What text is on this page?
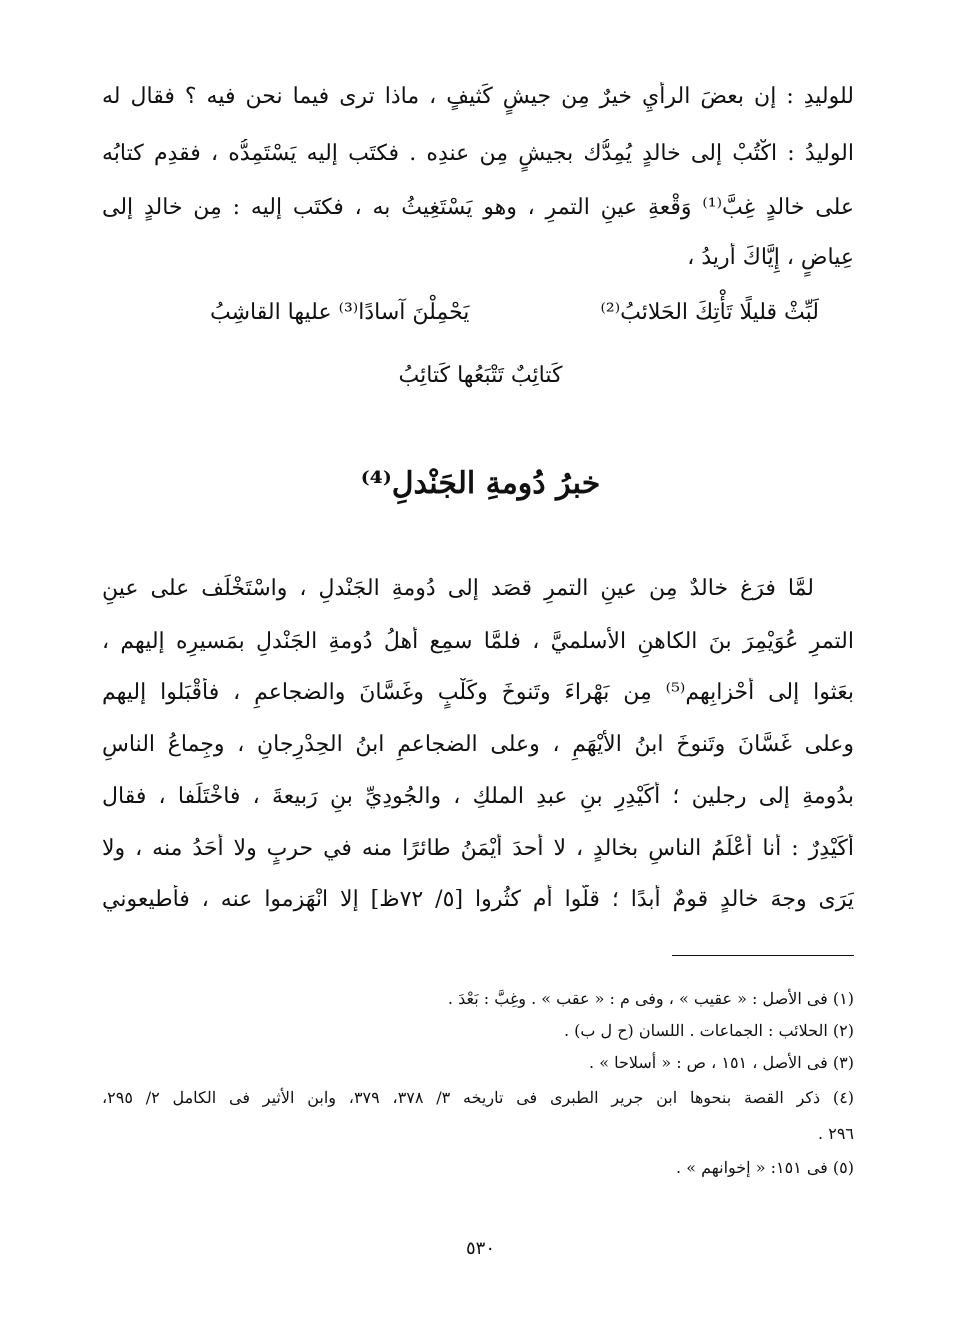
للوليدِ : إن بعضَ الرأْيِ خيرٌ مِن جيشٍ كَثيفٍ ، ماذا ترى فيما نحن فيه ؟ فقال له
الوليدُ : اكْتُبْ إلى خالدٍ يُمِدُّك بجيشٍ مِن عندِه . فكتَب إليه يَسْتَمِدُّه ، فقدِم كتابُه
على خالدٍ غِبَّ⁽¹⁾ وَقْعةِ عينِ التمرِ ، وهو يَسْتَغِيثُ به ، فكتَب إليه : مِن خالدٍ إلى
عِياضٍ ، إِيَّاكَ أُريدُ ،
لَبِّثْ قليلًا تَأْتِكَ الحَلائبُ⁽²⁾
يَحْمِلْنَ آسادًا⁽³⁾ عليها القاشِبُ
كَتائِبٌ تَتْبَعُها كَتائِبُ
خبرُ دُومةِ الجَنْدلِ⁽⁴⁾
لمَّا فرَغ خالدٌ مِن عينِ التمرِ قصَد إلى دُومةِ الجَنْدلِ ، واسْتَخْلَف على عينِ
التمرِ عُوَيْمِرَ بنَ الكاهنِ الأسلميَّ ، فلمَّا سمِع أهلُ دُومةِ الجَنْدلِ بمَسيرِه إليهم ،
بعَثوا إلى أحْزابِهم⁽⁵⁾ مِن بَهْراءَ وتَنوخَ وكَلْبٍ وغَسَّانَ والضجاعمِ ، فأَقْبَلوا إليهم
وعلى غَسَّانَ وتَنوخَ ابنُ الأَيْهَمِ ، وعلى الضجاعمِ ابنُ الحِدْرِجانِ ، وجِماعُ الناسِ
بدُومةِ إلى رجلين ؛ أُكَيْدِرِ بنِ عبدِ الملكِ ، والجُودِيِّ بنِ رَبيعةَ ، فاخْتَلَفا ، فقال
أُكَيْدِرٌ : أنا أَعْلَمُ الناسِ بخالدٍ ، لا أحدَ أَيْمَنُ طائرًا منه في حربٍ ولا أَحَدُ منه ، ولا
يَرَى وجهَ خالدٍ قومٌ أبدًا ؛ قلُّوا أم كثُروا [٥/ ٧٢ظ] إلا انْهَزموا عنه ، فأَطيعوني
(١) فى الأصل : « عقيب » ، وفى م : « عقب » . وغِبَّ : بَعْدَ .
(٢) الحلائب : الجماعات . اللسان (ح ل ب) .
(٣) فى الأصل ، ١٥١ ، ص : « أسلاحا » .
(٤) ذكر القصة بنحوها ابن جرير الطبرى فى تاريخه ٣/ ٣٧٨، ٣٧٩، وابن الأثير فى الكامل ٢/ ٢٩٥،
٢٩٦ .
(٥) فى ١٥١: « إخوانهم » .
٥٣٠
